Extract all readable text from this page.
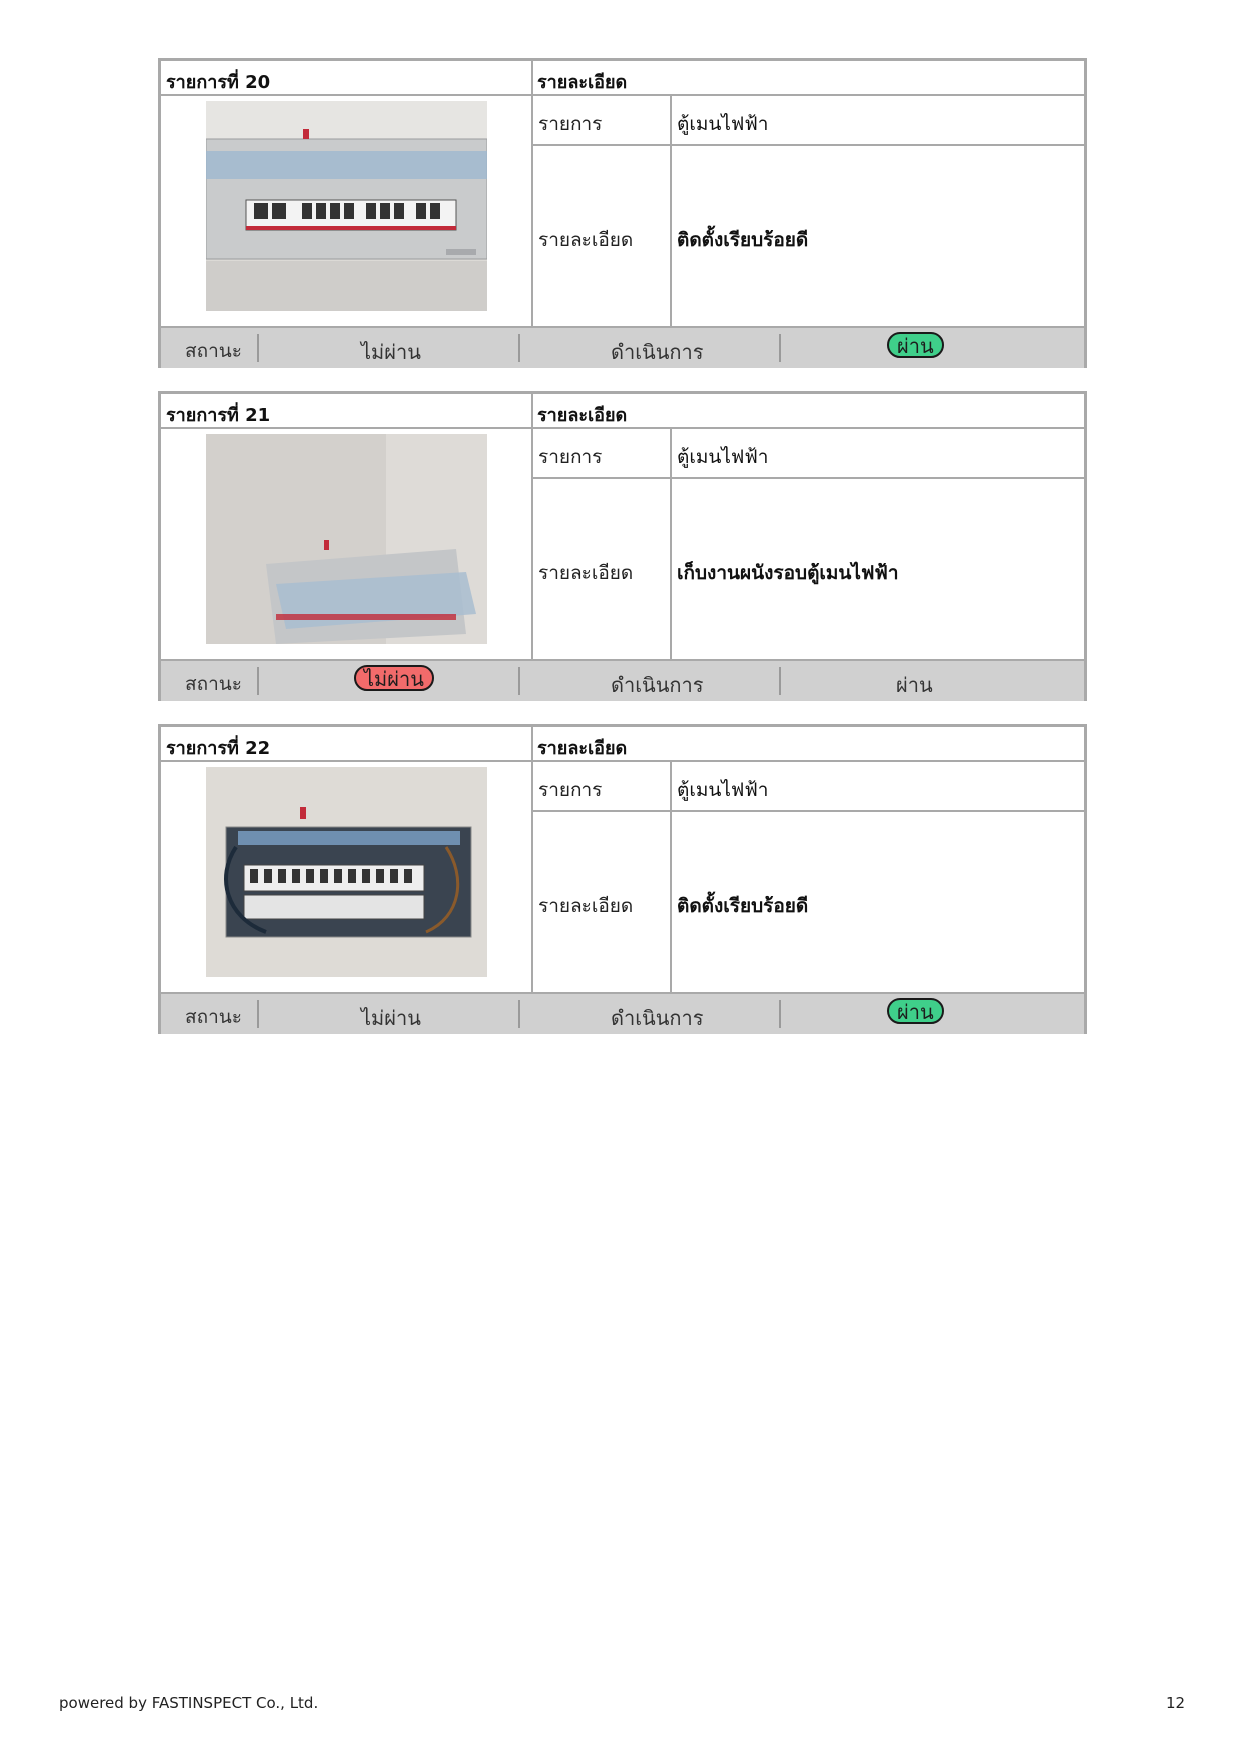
รายการที่ 20	รายละเอียด
รายการ	ตู้เมนไฟฟ้า
รายละเอียด ติดตั้งเรียบร้อยดี
สถานะ	ไม่ผ่าน	ดำเนินการ	ผ่าน
รายการที่ 21	รายละเอียด
รายการ	ตู้เมนไฟฟ้า
รายละเอียด เก็บงานผนังรอบตู้เมนไฟฟ้า
สถานะ	ไม่ผ่าน	ดำเนินการ	ผ่าน
รายการที่ 22	รายละเอียด
รายการ	ตู้เมนไฟฟ้า
รายละเอียด ติดตั้งเรียบร้อยดี
สถานะ	ไม่ผ่าน	ดำเนินการ	ผ่าน
powered by FASTINSPECT Co., Ltd.	12
